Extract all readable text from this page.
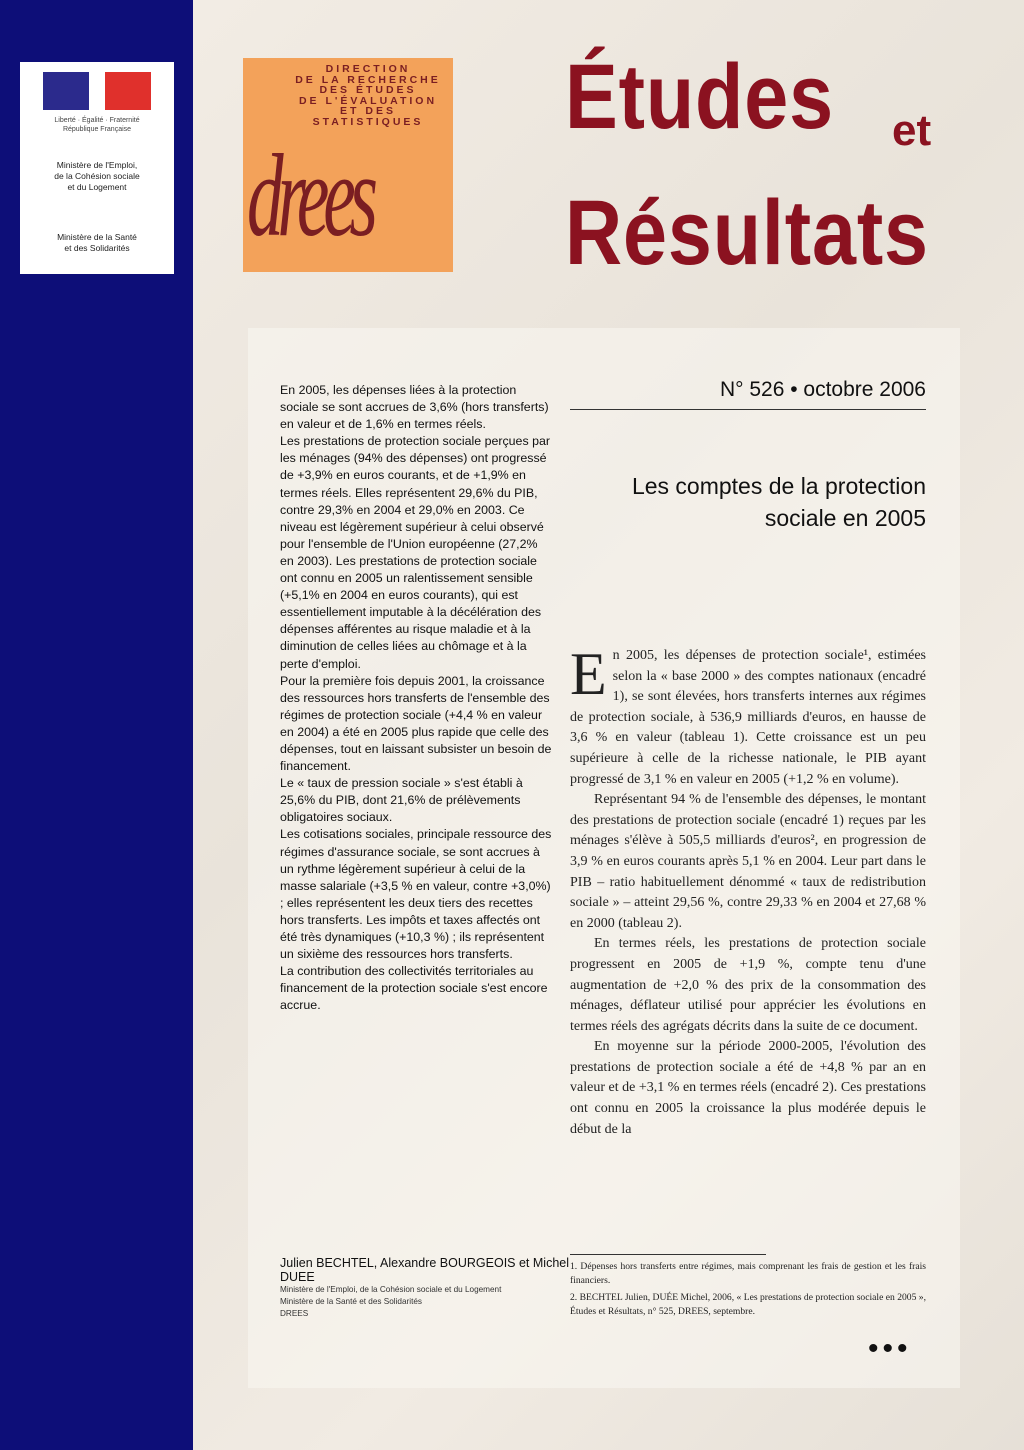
Liberté · Égalité · Fraternité
République Française
Ministère de l'Emploi,
de la Cohésion sociale
et du Logement
Ministère de la Santé
et des Solidarités
DIRECTION
DE LA RECHERCHE
DES ÉTUDES
DE L'ÉVALUATION
ET DES STATISTIQUES
drees
Études et
Résultats

En 2005, les dépenses liées à la protection sociale se sont accrues de 3,6% (hors transferts) en valeur et de 1,6% en termes réels.

Les prestations de protection sociale perçues par les ménages (94% des dépenses) ont progressé de +3,9% en euros courants, et de +1,9% en termes réels. Elles représentent 29,6% du PIB, contre 29,3% en 2004 et 29,0% en 2003. Ce niveau est légèrement supérieur à celui observé pour l'ensemble de l'Union européenne (27,2% en 2003). Les prestations de protection sociale ont connu en 2005 un ralentissement sensible (+5,1% en 2004 en euros courants), qui est essentiellement imputable à la décélération des dépenses afférentes au risque maladie et à la diminution de celles liées au chômage et à la perte d'emploi.

Pour la première fois depuis 2001, la croissance des ressources hors transferts de l'ensemble des régimes de protection sociale (+4,4 % en valeur en 2004) a été en 2005 plus rapide que celle des dépenses, tout en laissant subsister un besoin de financement.

Le « taux de pression sociale » s'est établi à 25,6% du PIB, dont 21,6% de prélèvements obligatoires sociaux.

Les cotisations sociales, principale ressource des régimes d'assurance sociale, se sont accrues à un rythme légèrement supérieur à celui de la masse salariale (+3,5 % en valeur, contre +3,0%) ; elles représentent les deux tiers des recettes hors transferts. Les impôts et taxes affectés ont été très dynamiques (+10,3 %) ; ils représentent un sixième des ressources hors transferts.

La contribution des collectivités territoriales au financement de la protection sociale s'est encore accrue.

N° 526 • octobre 2006
Les comptes de la protection sociale en 2005

En 2005, les dépenses de protection sociale¹, estimées selon la « base 2000 » des comptes nationaux (encadré 1), se sont élevées, hors transferts internes aux régimes de protection sociale, à 536,9 milliards d'euros, en hausse de 3,6 % en valeur (tableau 1). Cette croissance est un peu supérieure à celle de la richesse nationale, le PIB ayant progressé de 3,1 % en valeur en 2005 (+1,2 % en volume).

Représentant 94 % de l'ensemble des dépenses, le montant des prestations de protection sociale (encadré 1) reçues par les ménages s'élève à 505,5 milliards d'euros², en progression de 3,9 % en euros courants après 5,1 % en 2004. Leur part dans le PIB – ratio habituellement dénommé « taux de redistribution sociale » – atteint 29,56 %, contre 29,33 % en 2004 et 27,68 % en 2000 (tableau 2).

En termes réels, les prestations de protection sociale progressent en 2005 de +1,9 %, compte tenu d'une augmentation de +2,0 % des prix de la consommation des ménages, déflateur utilisé pour apprécier les évolutions en termes réels des agrégats décrits dans la suite de ce document.

En moyenne sur la période 2000-2005, l'évolution des prestations de protection sociale a été de +4,8 % par an en valeur et de +3,1 % en termes réels (encadré 2). Ces prestations ont connu en 2005 la croissance la plus modérée depuis le début de la

Julien BECHTEL, Alexandre BOURGEOIS et Michel DUEE
Ministère de l'Emploi, de la Cohésion sociale et du Logement
Ministère de la Santé et des Solidarités
DREES

1. Dépenses hors transferts entre régimes, mais comprenant les frais de gestion et les frais financiers.

2. BECHTEL Julien, DUÉE Michel, 2006, « Les prestations de protection sociale en 2005 », Études et Résultats, n° 525, DREES, septembre.

•••
